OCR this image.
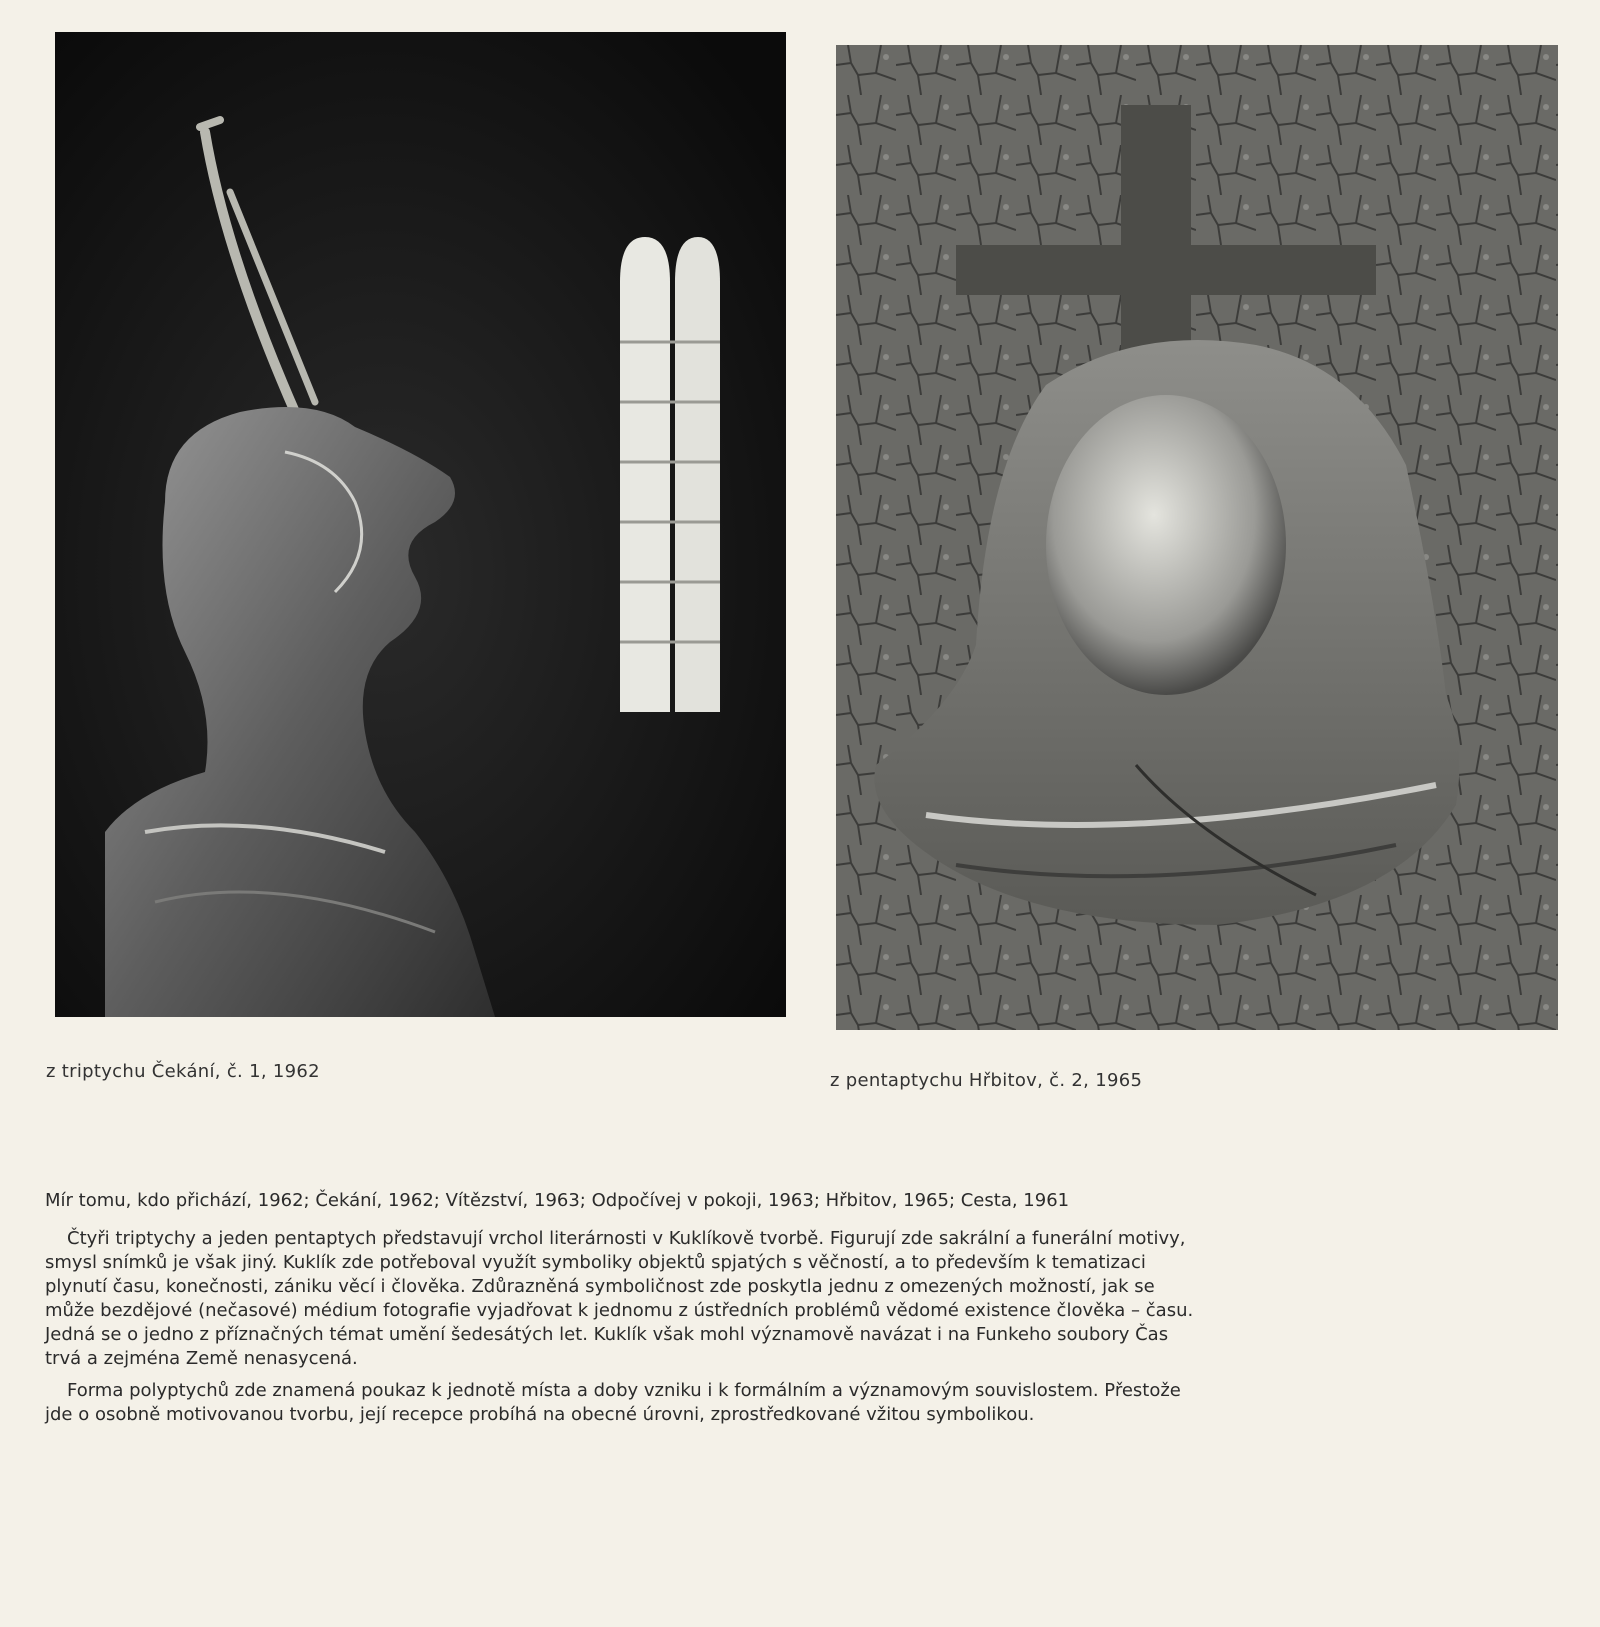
z triptychu Čekání, č. 1, 1962	z pentaptychu Hřbitov, č. 2, 1965

Mír tomu, kdo přichází, 1962; Čekání, 1962; Vítězství, 1963; Odpočívej v pokoji, 1963; Hřbitov, 1965; Cesta, 1961

Čtyři triptychy a jeden pentaptych představují vrchol literárnosti v Kuklíkově tvorbě. Figurují zde sakrální a funerální motivy, smysl snímků je však jiný. Kuklík zde potřeboval využít symboliky objektů spjatých s věčností, a to především k tematizaci plynutí času, konečnosti, zániku věcí i člověka. Zdůrazněná symboličnost zde poskytla jednu z omezených možností, jak se může bezdějové (nečasové) médium fotografie vyjadřovat k jednomu z ústředních problémů vědomé existence člověka – času. Jedná se o jedno z příznačných témat umění šedesátých let. Kuklík však mohl významově navázat i na Funkeho soubory Čas trvá a zejména Země nenasycená.

Forma polyptychů zde znamená poukaz k jednotě místa a doby vzniku i k formálním a významovým souvislostem. Přestože jde o osobně motivovanou tvorbu, její recepce probíhá na obecné úrovni, zprostředkované vžitou symbolikou.
